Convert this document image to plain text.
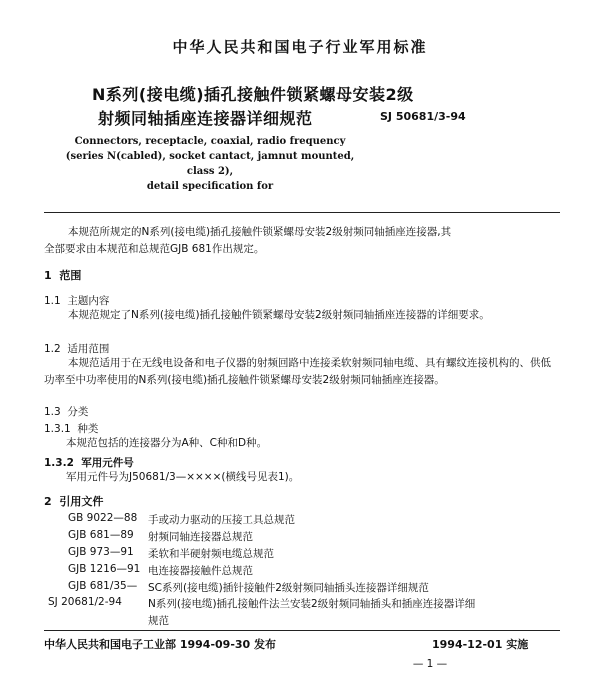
中华人民共和国电子行业军用标准
N系列(接电缆)插孔接触件锁紧螺母安装2级
射频同轴插座连接器详细规范	SJ 50681/3-94
Connectors, receptacle, coaxial, radio frequency
(series N(cabled), socket cantact, jamnut mounted,
class 2),
detail specification for
本规范所规定的N系列(接电缆)插孔接触件锁紧螺母安装2级射频同轴插座连接器,其
全部要求由本规范和总规范GJB 681作出规定。
1 范围
1.1 主题内容
本规范规定了N系列(接电缆)插孔接触件锁紧螺母安装2级射频同轴插座连接器的详细要求。
1.2 适用范围
本规范适用于在无线电设备和电子仪器的射频回路中连接柔软射频同轴电缆、具有螺纹连接机构的、供低功率至中功率使用的N系列(接电缆)插孔接触件锁紧螺母安装2级射频同轴插座连接器。
1.3 分类
1.3.1 种类
本规范包括的连接器分为A种、C种和D种。
1.3.2 军用元件号
军用元件号为J50681/3—××××(横线号见表1)。
2 引用文件
GB 9022—88 手或动力驱动的压接工具总规范
GJB 681—89 射频同轴连接器总规范
GJB 973—91 柔软和半硬射频电缆总规范
GJB 1216—91 电连接器接触件总规范
GJB 681/35— SC系列(接电缆)插针接触件2级射频同轴插头连接器详细规范
SJ 20681/2-94 N系列(接电缆)插孔接触件法兰安装2级射频同轴插头和插座连接器详细规范
中华人民共和国电子工业部 1994-09-30 发布	1994-12-01 实施
— 1 —
